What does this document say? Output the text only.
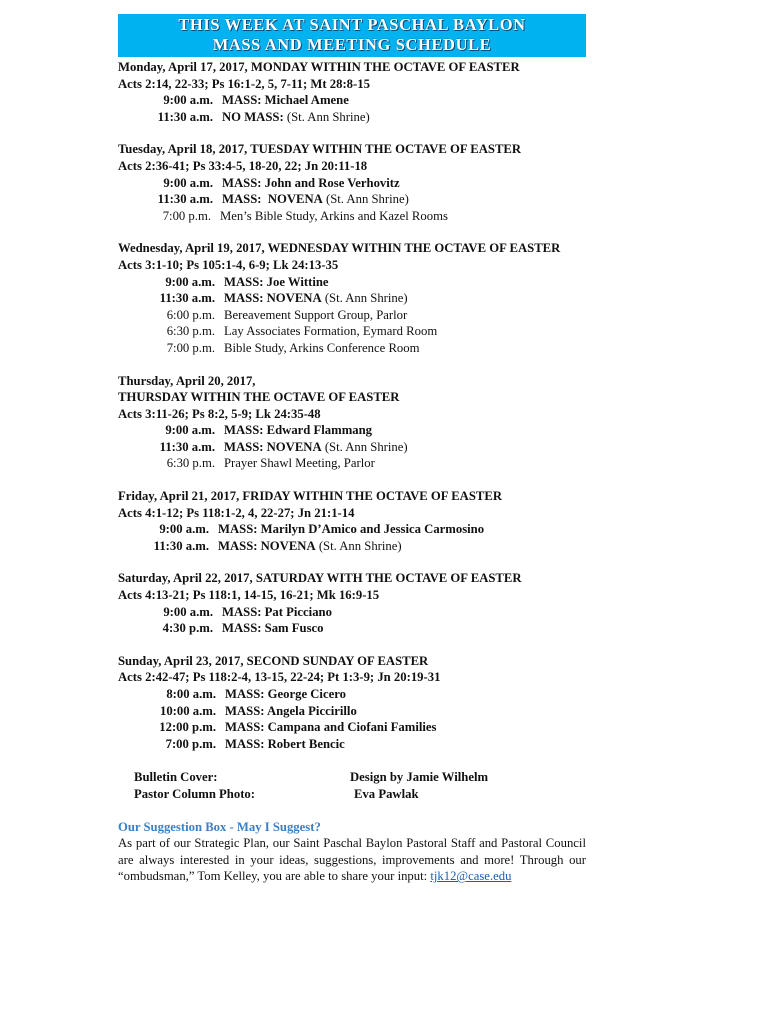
THIS WEEK AT SAINT PASCHAL BAYLON
MASS AND MEETING SCHEDULE
Monday, April 17, 2017, MONDAY WITHIN THE OCTAVE OF EASTER
Acts 2:14, 22-33; Ps 16:1-2, 5, 7-11; Mt 28:8-15
9:00 a.m. MASS: Michael Amene
11:30 a.m. NO MASS: (St. Ann Shrine)
Tuesday, April 18, 2017, TUESDAY WITHIN THE OCTAVE OF EASTER
Acts 2:36-41; Ps 33:4-5, 18-20, 22; Jn 20:11-18
9:00 a.m. MASS: John and Rose Verhovitz
11:30 a.m. MASS:  NOVENA (St. Ann Shrine)
7:00 p.m. Men’s Bible Study, Arkins and Kazel Rooms
Wednesday, April 19, 2017, WEDNESDAY WITHIN THE OCTAVE OF EASTER
Acts 3:1-10; Ps 105:1-4, 6-9; Lk 24:13-35
9:00 a.m. MASS: Joe Wittine
11:30 a.m. MASS: NOVENA (St. Ann Shrine)
6:00 p.m. Bereavement Support Group, Parlor
6:30 p.m. Lay Associates Formation, Eymard Room
7:00 p.m. Bible Study, Arkins Conference Room
Thursday, April 20, 2017,
THURSDAY WITHIN THE OCTAVE OF EASTER
Acts 3:11-26; Ps 8:2, 5-9; Lk 24:35-48
9:00 a.m. MASS: Edward Flammang
11:30 a.m. MASS: NOVENA (St. Ann Shrine)
6:30 p.m. Prayer Shawl Meeting, Parlor
Friday, April 21, 2017, FRIDAY WITHIN THE OCTAVE OF EASTER
Acts 4:1-12; Ps 118:1-2, 4, 22-27; Jn 21:1-14
9:00 a.m. MASS: Marilyn D’Amico and Jessica Carmosino
11:30 a.m. MASS: NOVENA (St. Ann Shrine)
Saturday, April 22, 2017, SATURDAY WITH THE OCTAVE OF EASTER
Acts 4:13-21; Ps 118:1, 14-15, 16-21; Mk 16:9-15
9:00 a.m. MASS: Pat Picciano
4:30 p.m. MASS: Sam Fusco
Sunday, April 23, 2017, SECOND SUNDAY OF EASTER
Acts 2:42-47; Ps 118:2-4, 13-15, 22-24; Pt 1:3-9; Jn 20:19-31
8:00 a.m. MASS: George Cicero
10:00 a.m. MASS: Angela Piccirillo
12:00 p.m. MASS: Campana and Ciofani Families
7:00 p.m. MASS: Robert Bencic
Bulletin Cover:	Design by Jamie Wilhelm
Pastor Column Photo:	Eva Pawlak
Our Suggestion Box - May I Suggest?
As part of our Strategic Plan, our Saint Paschal Baylon Pastoral Staff and Pastoral Council are always interested in your ideas, suggestions, improvements and more! Through our “ombudsman,” Tom Kelley, you are able to share your input: tjk12@case.edu
